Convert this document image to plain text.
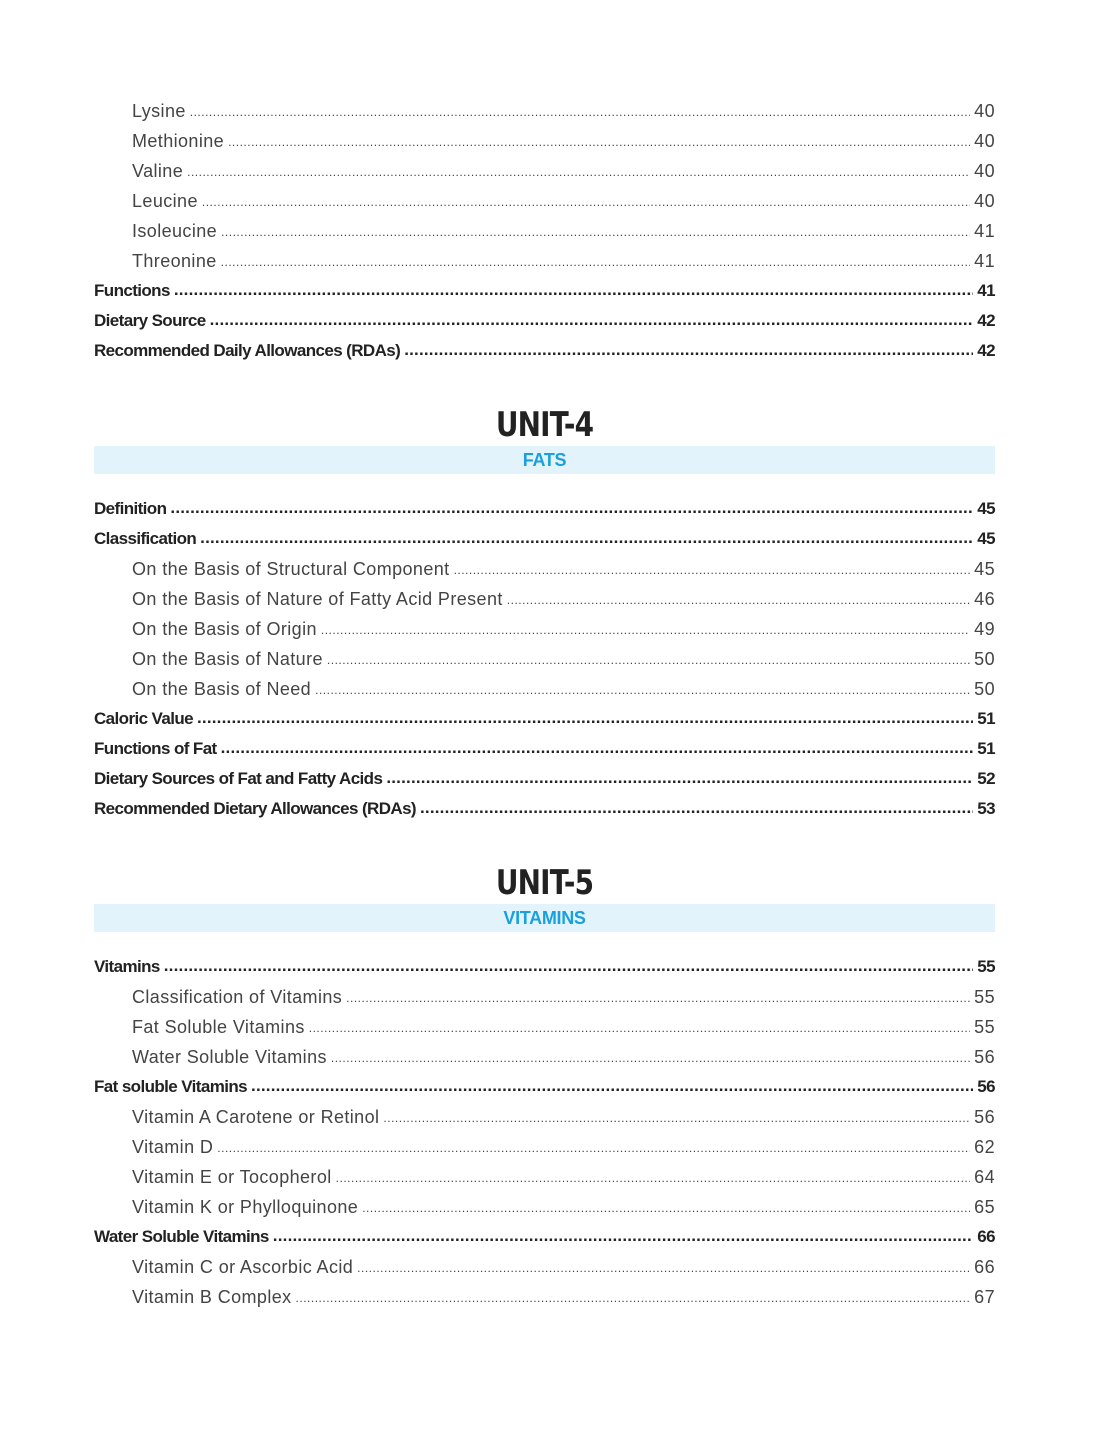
Lysine .....	40
Methionine .....	40
Valine .....	40
Leucine .....	40
Isoleucine .....	41
Threonine .....	41
Functions .....	41
Dietary Source .....	42
Recommended Daily Allowances (RDAs) .....	42
UNIT-4
FATS
Definition .....	45
Classification .....	45
On the Basis of Structural Component .....	45
On the Basis of Nature of Fatty Acid Present .....	46
On the Basis of Origin .....	49
On the Basis of Nature .....	50
On the Basis of Need .....	50
Caloric Value .....	51
Functions of Fat .....	51
Dietary Sources of Fat and Fatty Acids .....	52
Recommended Dietary Allowances (RDAs) .....	53
UNIT-5
VITAMINS
Vitamins .....	55
Classification of Vitamins .....	55
Fat Soluble Vitamins .....	55
Water Soluble Vitamins .....	56
Fat soluble Vitamins .....	56
Vitamin A Carotene or Retinol .....	56
Vitamin D .....	62
Vitamin E or Tocopherol .....	64
Vitamin K or Phylloquinone .....	65
Water Soluble Vitamins .....	66
Vitamin C or Ascorbic Acid .....	66
Vitamin B Complex .....	67
